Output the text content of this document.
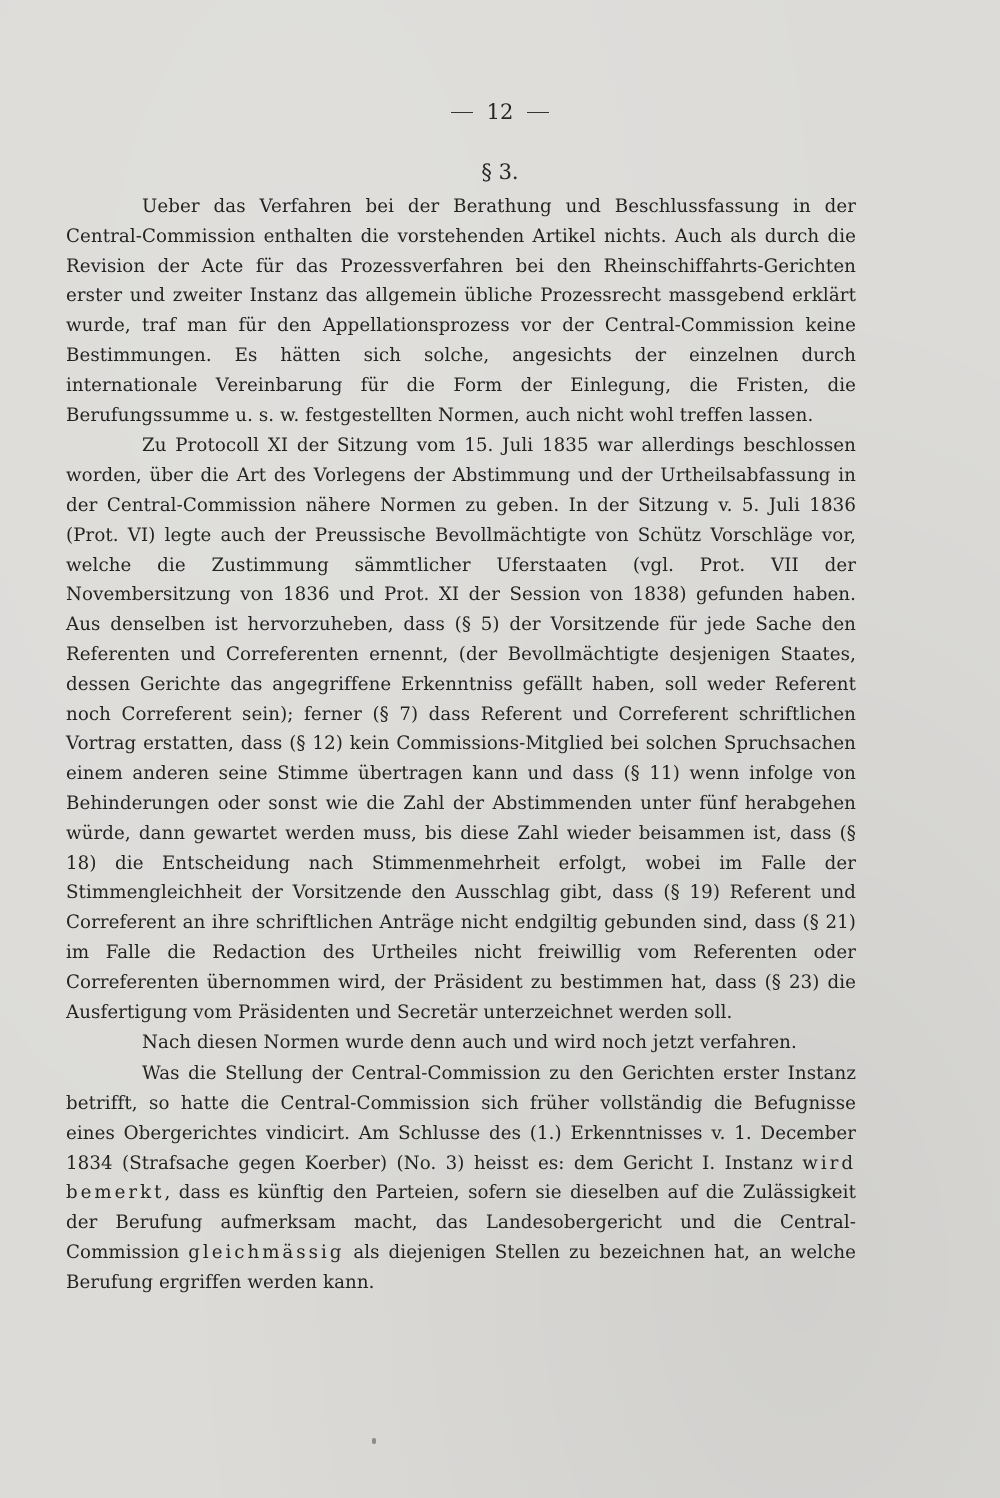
12
§ 3.

Ueber das Verfahren bei der Berathung und Beschlussfassung in der Central-Commission enthalten die vorstehenden Artikel nichts. Auch als durch die Revision der Acte für das Prozessverfahren bei den Rheinschiffahrts-Gerichten erster und zweiter Instanz das allgemein übliche Prozessrecht massgebend erklärt wurde, traf man für den Appellationsprozess vor der Central-Commission keine Bestimmungen. Es hätten sich solche, angesichts der einzelnen durch internationale Vereinbarung für die Form der Einlegung, die Fristen, die Berufungssumme u. s. w. festgestellten Normen, auch nicht wohl treffen lassen.

Zu Protocoll XI der Sitzung vom 15. Juli 1835 war allerdings beschlossen worden, über die Art des Vorlegens der Abstimmung und der Urtheilsabfassung in der Central-Commission nähere Normen zu geben. In der Sitzung v. 5. Juli 1836 (Prot. VI) legte auch der Preussische Bevollmächtigte von Schütz Vorschläge vor, welche die Zustimmung sämmtlicher Uferstaaten (vgl. Prot. VII der Novembersitzung von 1836 und Prot. XI der Session von 1838) gefunden haben. Aus denselben ist hervorzuheben, dass (§ 5) der Vorsitzende für jede Sache den Referenten und Correferenten ernennt, (der Bevollmächtigte desjenigen Staates, dessen Gerichte das angegriffene Erkenntniss gefällt haben, soll weder Referent noch Correferent sein); ferner (§ 7) dass Referent und Correferent schriftlichen Vortrag erstatten, dass (§ 12) kein Commissions-Mitglied bei solchen Spruchsachen einem anderen seine Stimme übertragen kann und dass (§ 11) wenn infolge von Behinderungen oder sonst wie die Zahl der Abstimmenden unter fünf herabgehen würde, dann gewartet werden muss, bis diese Zahl wieder beisammen ist, dass (§ 18) die Entscheidung nach Stimmenmehrheit erfolgt, wobei im Falle der Stimmengleichheit der Vorsitzende den Ausschlag gibt, dass (§ 19) Referent und Correferent an ihre schriftlichen Anträge nicht endgiltig gebunden sind, dass (§ 21) im Falle die Redaction des Urtheiles nicht freiwillig vom Referenten oder Correferenten übernommen wird, der Präsident zu bestimmen hat, dass (§ 23) die Ausfertigung vom Präsidenten und Secretär unterzeichnet werden soll.

Nach diesen Normen wurde denn auch und wird noch jetzt verfahren.

Was die Stellung der Central-Commission zu den Gerichten erster Instanz betrifft, so hatte die Central-Commission sich früher vollständig die Befugnisse eines Obergerichtes vindicirt. Am Schlusse des (1.) Erkenntnisses v. 1. December 1834 (Strafsache gegen Koerber) (No. 3) heisst es: dem Gericht I. Instanz wird bemerkt, dass es künftig den Parteien, sofern sie dieselben auf die Zulässigkeit der Berufung aufmerksam macht, das Landesobergericht und die Central-Commission gleichmässig als diejenigen Stellen zu bezeichnen hat, an welche Berufung ergriffen werden kann.
